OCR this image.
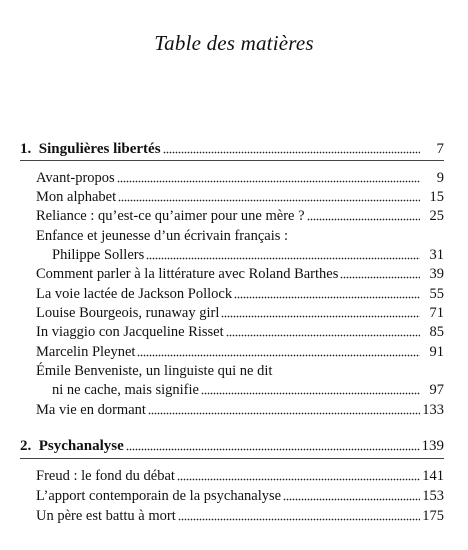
Table des matières
1. Singulières libertés	7
Avant-propos	9
Mon alphabet	15
Reliance : qu’est-ce qu’aimer pour une mère ?	25
Enfance et jeunesse d’un écrivain français :
Philippe Sollers	31
Comment parler à la littérature avec Roland Barthes	39
La voie lactée de Jackson Pollock	55
Louise Bourgeois, runaway girl	71
In viaggio con Jacqueline Risset	85
Marcelin Pleynet	91
Émile Benveniste, un linguiste qui ne dit
ni ne cache, mais signifie	97
Ma vie en dormant	133
2. Psychanalyse	139
Freud : le fond du débat	141
L’apport contemporain de la psychanalyse	153
Un père est battu à mort	175
